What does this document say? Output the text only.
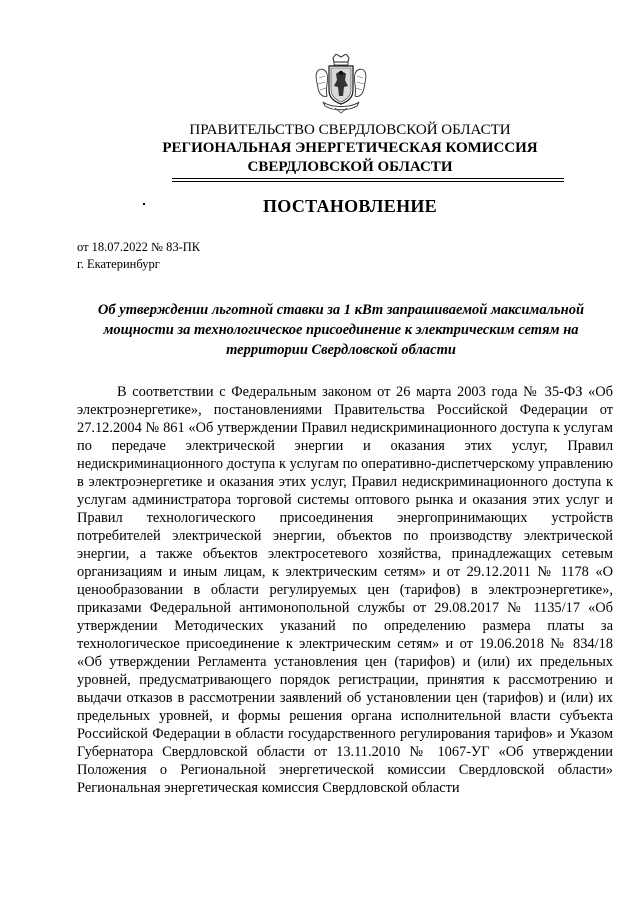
ПРАВИТЕЛЬСТВО СВЕРДЛОВСКОЙ ОБЛАСТИ
РЕГИОНАЛЬНАЯ ЭНЕРГЕТИЧЕСКАЯ КОМИССИЯ
СВЕРДЛОВСКОЙ ОБЛАСТИ
ПОСТАНОВЛЕНИЕ
от 18.07.2022 № 83-ПК
г. Екатеринбург
Об утверждении льготной ставки за 1 кВт запрашиваемой максимальной мощности за технологическое присоединение к электрическим сетям на территории Свердловской области
В соответствии с Федеральным законом от 26 марта 2003 года № 35-ФЗ «Об электроэнергетике», постановлениями Правительства Российской Федерации от 27.12.2004 № 861 «Об утверждении Правил недискриминационного доступа к услугам по передаче электрической энергии и оказания этих услуг, Правил недискриминационного доступа к услугам по оперативно-диспетчерскому управлению в электроэнергетике и оказания этих услуг, Правил недискриминационного доступа к услугам администратора торговой системы оптового рынка и оказания этих услуг и Правил технологического присоединения энергопринимающих устройств потребителей электрической энергии, объектов по производству электрической энергии, а также объектов электросетевого хозяйства, принадлежащих сетевым организациям и иным лицам, к электрическим сетям» и от 29.12.2011 № 1178 «О ценообразовании в области регулируемых цен (тарифов) в электроэнергетике», приказами Федеральной антимонопольной службы от 29.08.2017 № 1135/17 «Об утверждении Методических указаний по определению размера платы за технологическое присоединение к электрическим сетям» и от 19.06.2018 № 834/18 «Об утверждении Регламента установления цен (тарифов) и (или) их предельных уровней, предусматривающего порядок регистрации, принятия к рассмотрению и выдачи отказов в рассмотрении заявлений об установлении цен (тарифов) и (или) их предельных уровней, и формы решения органа исполнительной власти субъекта Российской Федерации в области государственного регулирования тарифов» и Указом Губернатора Свердловской области от 13.11.2010 № 1067-УГ «Об утверждении Положения о Региональной энергетической комиссии Свердловской области» Региональная энергетическая комиссия Свердловской области
